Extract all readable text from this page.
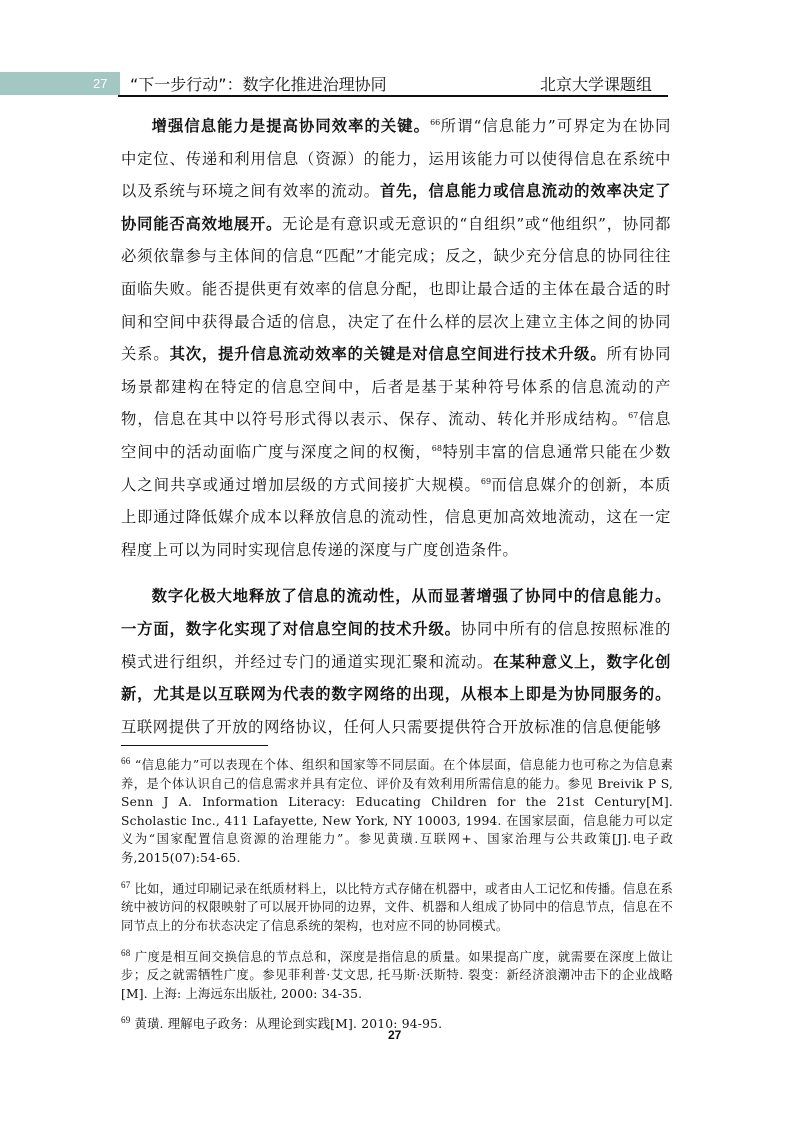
27 “下一步行动”：数字化推进治理协同	北京大学课题组

增强信息能力是提高协同效率的关键。$^{66}$所谓“信息能力”可界定为在协同中定位、传递和利用信息（资源）的能力，运用该能力可以使得信息在系统中以及系统与环境之间有效率的流动。首先，信息能力或信息流动的效率决定了协同能否高效地展开。无论是有意识或无意识的“自组织”或“他组织”，协同都必须依靠参与主体间的信息“匹配”才能完成；反之，缺少充分信息的协同往往面临失败。能否提供更有效率的信息分配，也即让最合适的主体在最合适的时间和空间中获得最合适的信息，决定了在什么样的层次上建立主体之间的协同关系。其次，提升信息流动效率的关键是对信息空间进行技术升级。所有协同场景都建构在特定的信息空间中，后者是基于某种符号体系的信息流动的产物，信息在其中以符号形式得以表示、保存、流动、转化并形成结构。$^{67}$信息空间中的活动面临广度与深度之间的权衡，$^{68}$特别丰富的信息通常只能在少数人之间共享或通过增加层级的方式间接扩大规模。$^{69}$而信息媒介的创新，本质上即通过降低媒介成本以释放信息的流动性，信息更加高效地流动，这在一定程度上可以为同时实现信息传递的深度与广度创造条件。

数字化极大地释放了信息的流动性，从而显著增强了协同中的信息能力。一方面，数字化实现了对信息空间的技术升级。协同中所有的信息按照标准的模式进行组织，并经过专门的通道实现汇聚和流动。在某种意义上，数字化创新，尤其是以互联网为代表的数字网络的出现，从根本上即是为协同服务的。互联网提供了开放的网络协议，任何人只需要提供符合开放标准的信息便能够

$^{66}$ “信息能力”可以表现在个体、组织和国家等不同层面。在个体层面，信息能力也可称之为信息素养，是个体认识自己的信息需求并具有定位、评价及有效利用所需信息的能力。参见 Breivik P S, Senn J A. Information Literacy: Educating Children for the 21st Century[M]. Scholastic Inc., 411 Lafayette, New York, NY 10003, 1994. 在国家层面，信息能力可以定义为“国家配置信息资源的治理能力”。参见黄璜.互联网+、国家治理与公共政策[J].电子政务,2015(07):54-65.

$^{67}$ 比如，通过印刷记录在纸质材料上，以比特方式存储在机器中，或者由人工记忆和传播。信息在系统中被访问的权限映射了可以展开协同的边界，文件、机器和人组成了协同中的信息节点，信息在不同节点上的分布状态决定了信息系统的架构，也对应不同的协同模式。

$^{68}$ 广度是相互间交换信息的节点总和，深度是指信息的质量。如果提高广度，就需要在深度上做让步；反之就需牺牲广度。参见菲利普·艾文思, 托马斯·沃斯特. 裂变：新经济浪潮冲击下的企业战略[M]. 上海: 上海远东出版社, 2000: 34-35.

$^{69}$ 黄璜. 理解电子政务：从理论到实践[M]. 2010: 94-95.

27
